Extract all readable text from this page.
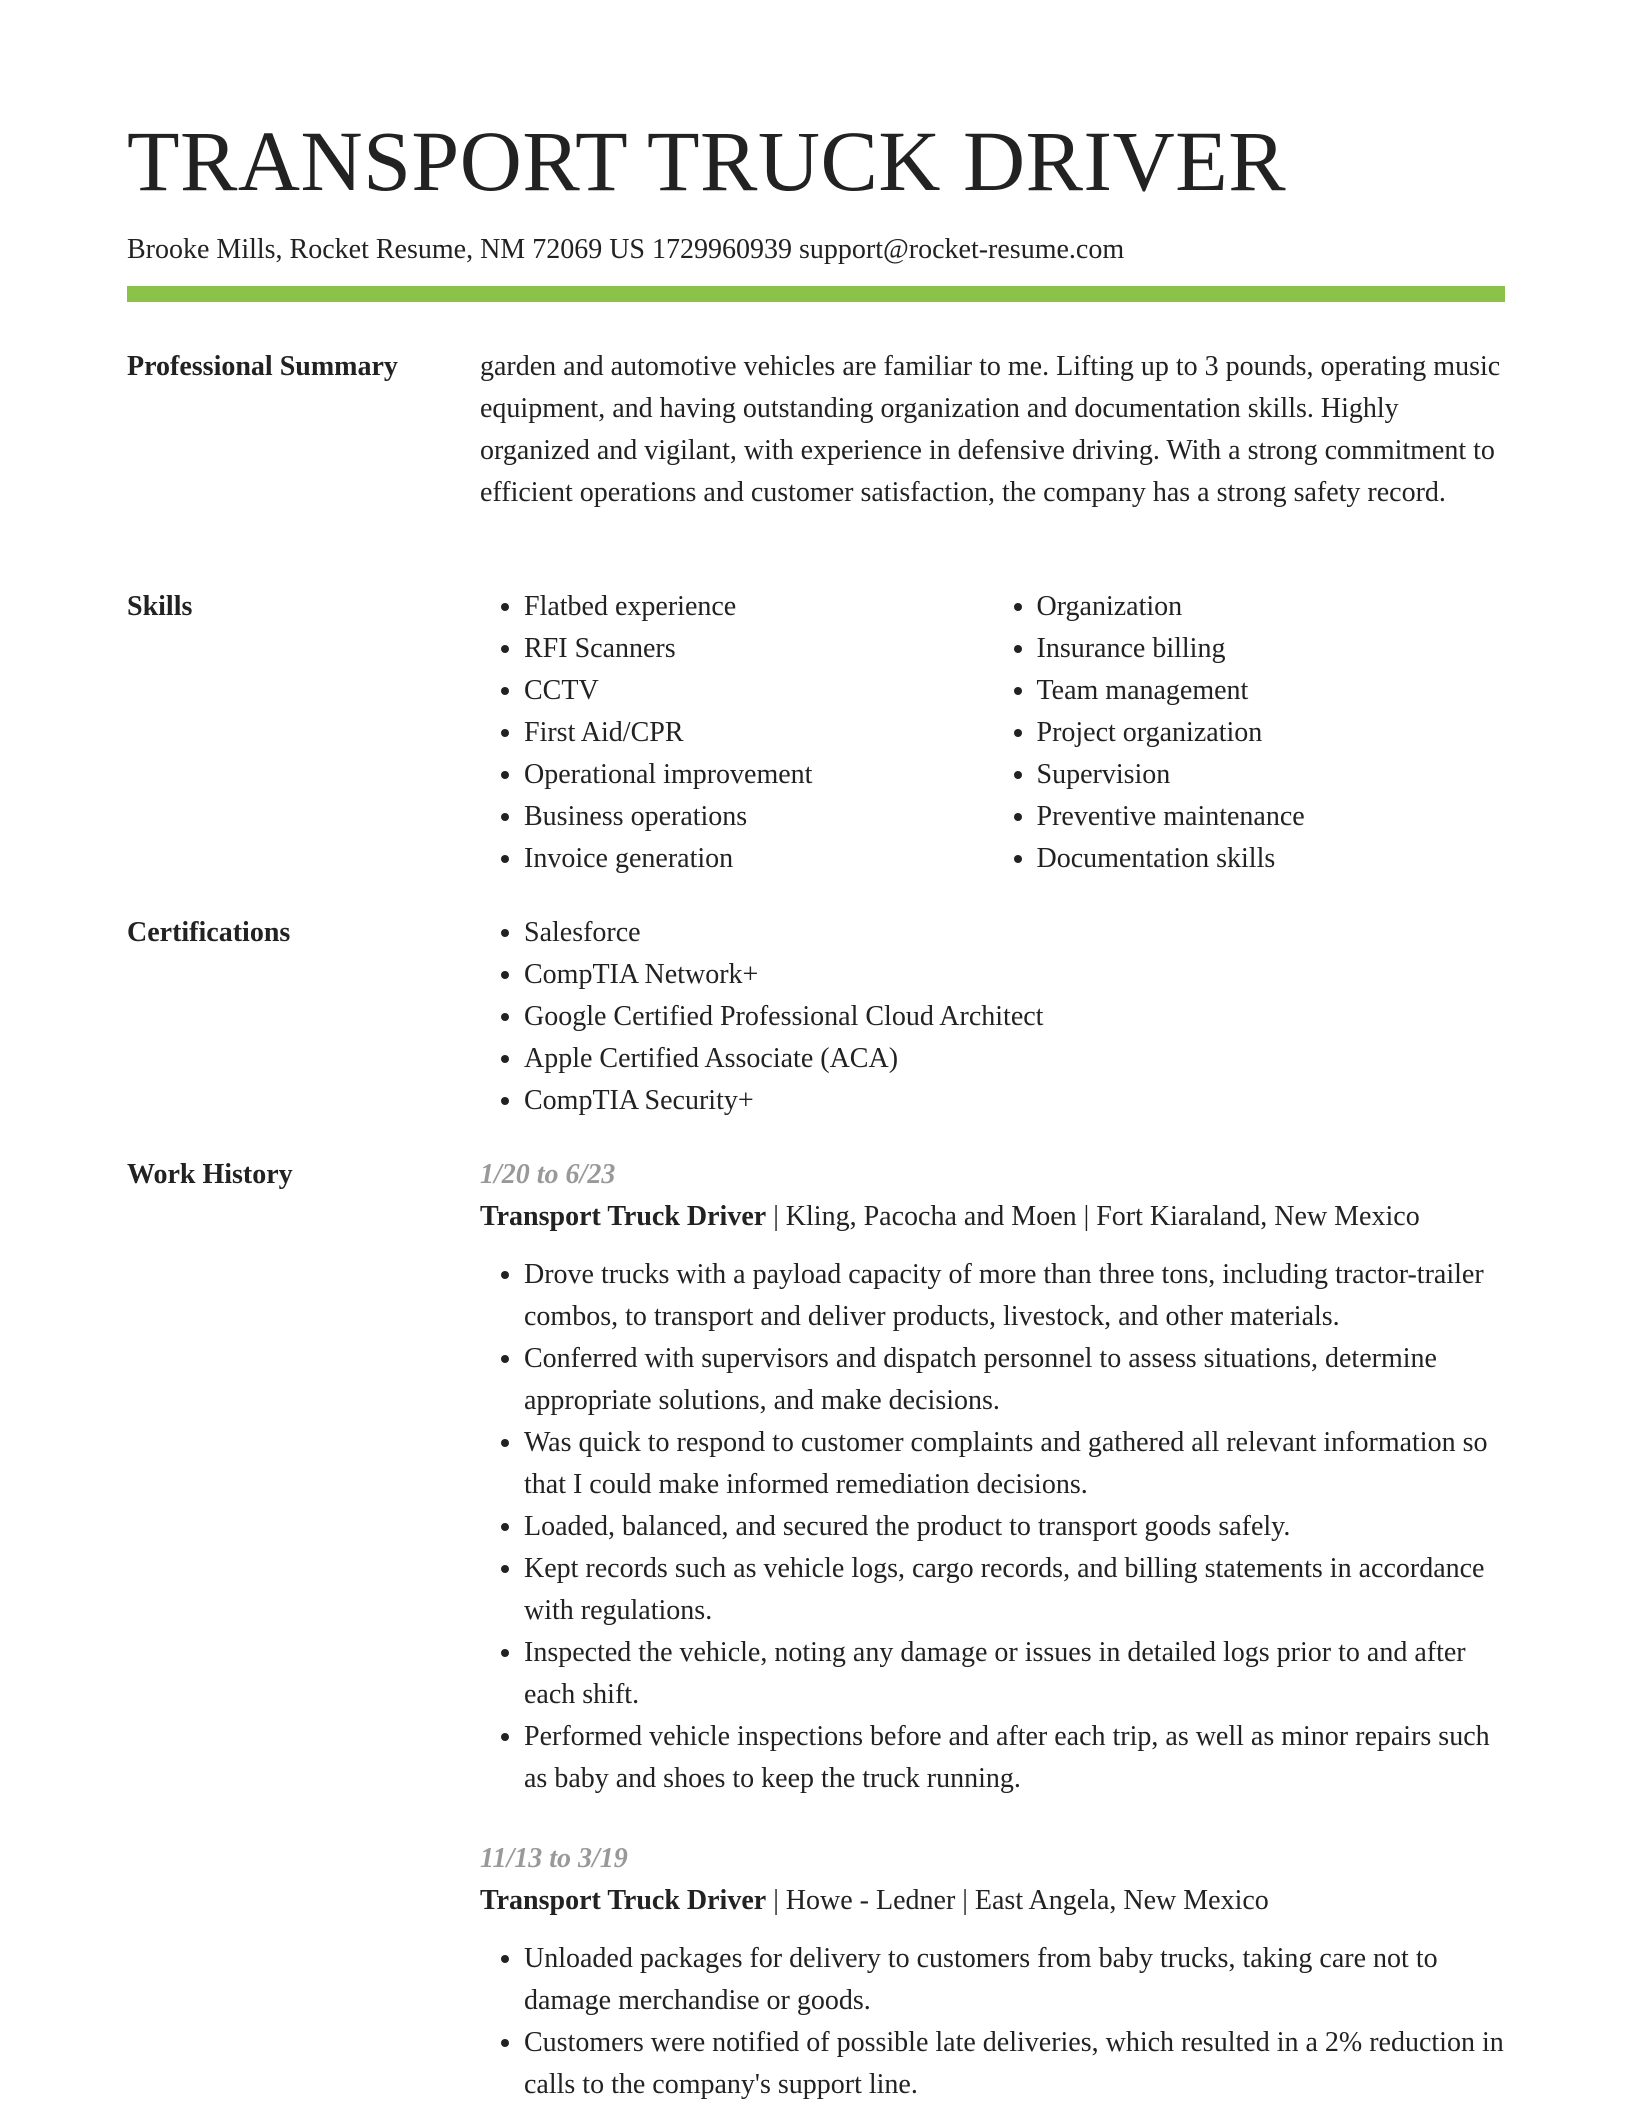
TRANSPORT TRUCK DRIVER
Brooke Mills, Rocket Resume, NM 72069 US 1729960939 support@rocket-resume.com
Professional Summary	garden and automotive vehicles are familiar to me. Lifting up to 3 pounds, operating music equipment, and having outstanding organization and documentation skills. Highly organized and vigilant, with experience in defensive driving. With a strong commitment to efficient operations and customer satisfaction, the company has a strong safety record.

Skills	• Flatbed experience
• RFI Scanners
• CCTV
• First Aid/CPR
• Operational improvement
• Business operations
• Invoice generation
• Organization
• Insurance billing
• Team management
• Project organization
• Supervision
• Preventive maintenance
• Documentation skills
Certifications	• Salesforce
• CompTIA Network+
• Google Certified Professional Cloud Architect
• Apple Certified Associate (ACA)
• CompTIA Security+
Work History	1/20 to 6/23
Transport Truck Driver | Kling, Pacocha and Moen | Fort Kiaraland, New Mexico
• Drove trucks with a payload capacity of more than three tons, including tractor-trailer combos, to transport and deliver products, livestock, and other materials.
• Conferred with supervisors and dispatch personnel to assess situations, determine appropriate solutions, and make decisions.
• Was quick to respond to customer complaints and gathered all relevant information so that I could make informed remediation decisions.
• Loaded, balanced, and secured the product to transport goods safely.
• Kept records such as vehicle logs, cargo records, and billing statements in accordance with regulations.
• Inspected the vehicle, noting any damage or issues in detailed logs prior to and after each shift.
• Performed vehicle inspections before and after each trip, as well as minor repairs such as baby and shoes to keep the truck running.
11/13 to 3/19
Transport Truck Driver | Howe - Ledner | East Angela, New Mexico
• Unloaded packages for delivery to customers from baby trucks, taking care not to damage merchandise or goods.
• Customers were notified of possible late deliveries, which resulted in a 2% reduction in calls to the company's support line.
